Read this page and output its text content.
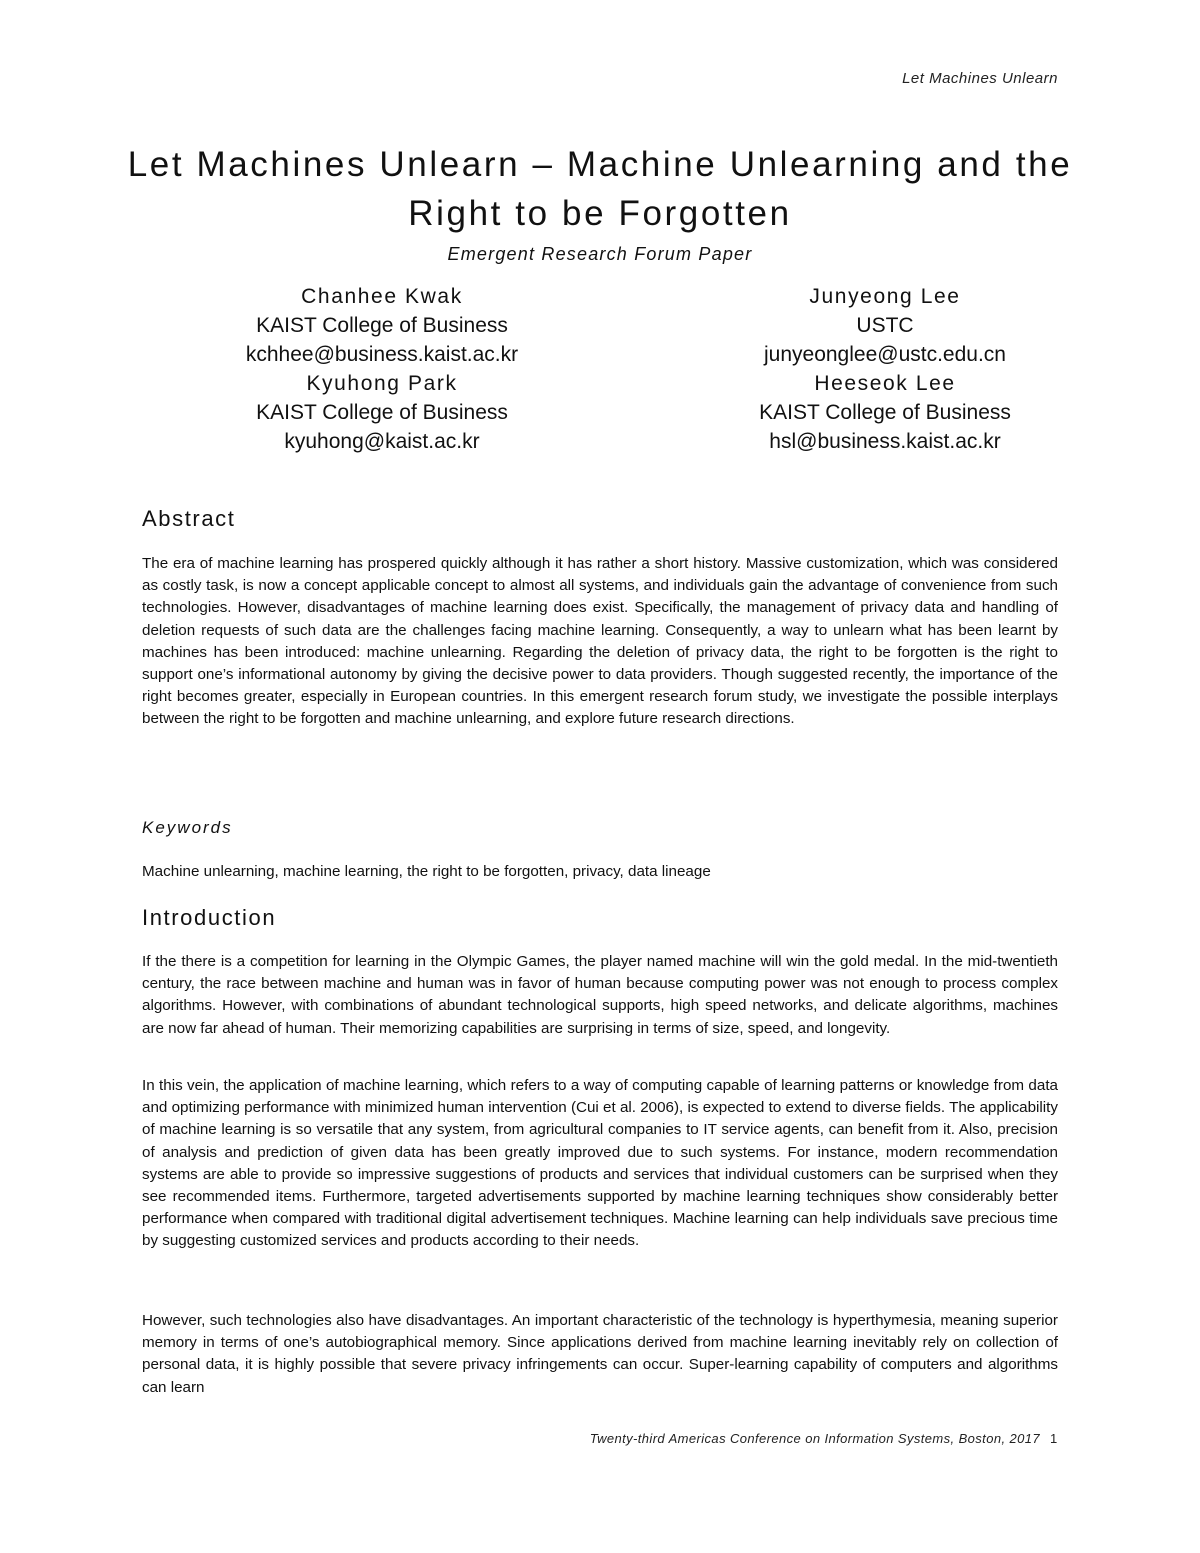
Let Machines Unlearn
Let Machines Unlearn – Machine Unlearning and the Right to be Forgotten
Emergent Research Forum Paper
Chanhee Kwak
KAIST College of Business
kchhee@business.kaist.ac.kr
Kyuhong Park
KAIST College of Business
kyuhong@kaist.ac.kr
Junyeong Lee
USTC
junyeonglee@ustc.edu.cn
Heeseok Lee
KAIST College of Business
hsl@business.kaist.ac.kr
Abstract

The era of machine learning has prospered quickly although it has rather a short history. Massive customization, which was considered as costly task, is now a concept applicable concept to almost all systems, and individuals gain the advantage of convenience from such technologies. However, disadvantages of machine learning does exist. Specifically, the management of privacy data and handling of deletion requests of such data are the challenges facing machine learning. Consequently, a way to unlearn what has been learnt by machines has been introduced: machine unlearning. Regarding the deletion of privacy data, the right to be forgotten is the right to support one’s informational autonomy by giving the decisive power to data providers. Though suggested recently, the importance of the right becomes greater, especially in European countries. In this emergent research forum study, we investigate the possible interplays between the right to be forgotten and machine unlearning, and explore future research directions.

Keywords

Machine unlearning, machine learning, the right to be forgotten, privacy, data lineage

Introduction

If the there is a competition for learning in the Olympic Games, the player named machine will win the gold medal. In the mid-twentieth century, the race between machine and human was in favor of human because computing power was not enough to process complex algorithms. However, with combinations of abundant technological supports, high speed networks, and delicate algorithms, machines are now far ahead of human. Their memorizing capabilities are surprising in terms of size, speed, and longevity.

In this vein, the application of machine learning, which refers to a way of computing capable of learning patterns or knowledge from data and optimizing performance with minimized human intervention (Cui et al. 2006), is expected to extend to diverse fields. The applicability of machine learning is so versatile that any system, from agricultural companies to IT service agents, can benefit from it. Also, precision of analysis and prediction of given data has been greatly improved due to such systems. For instance, modern recommendation systems are able to provide so impressive suggestions of products and services that individual customers can be surprised when they see recommended items. Furthermore, targeted advertisements supported by machine learning techniques show considerably better performance when compared with traditional digital advertisement techniques. Machine learning can help individuals save precious time by suggesting customized services and products according to their needs.

However, such technologies also have disadvantages. An important characteristic of the technology is hyperthymesia, meaning superior memory in terms of one’s autobiographical memory. Since applications derived from machine learning inevitably rely on collection of personal data, it is highly possible that severe privacy infringements can occur. Super-learning capability of computers and algorithms can learn

Twenty-third Americas Conference on Information Systems, Boston, 2017 1
